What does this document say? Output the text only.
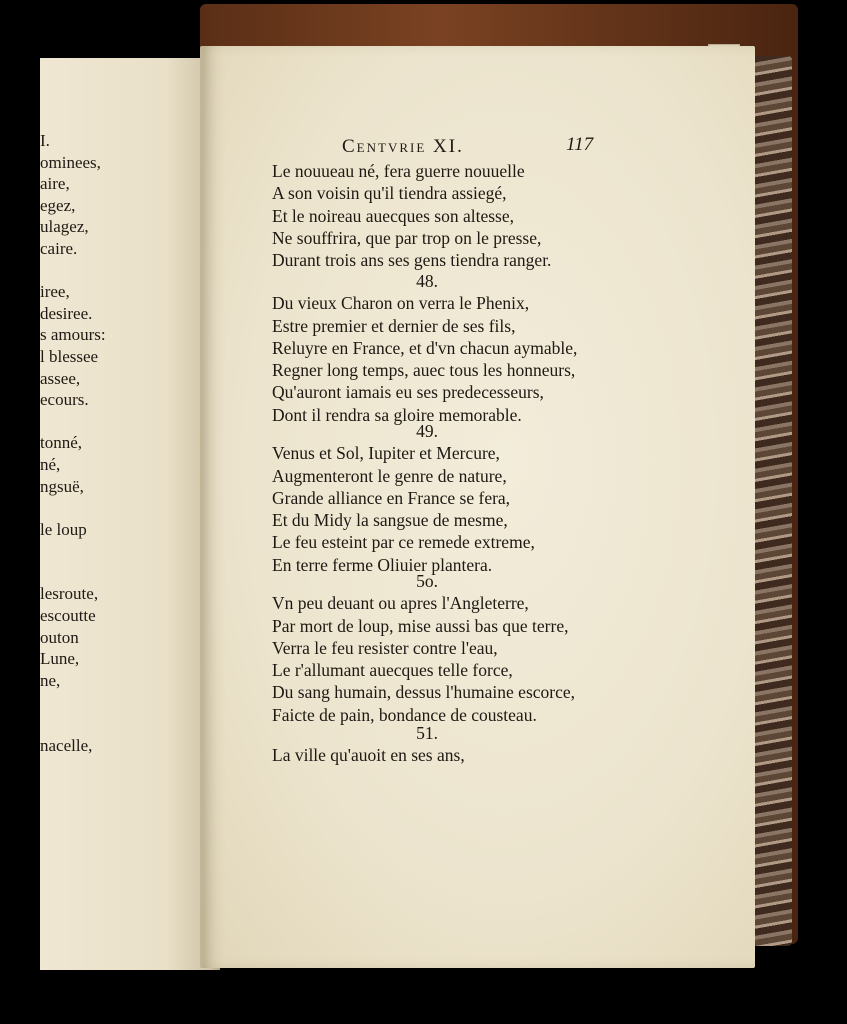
I.
ominees,
aire,
egez,
ulagez,
caire.
iree,
desiree.
s amours:
l blessee
assee,
ecours.
tonné,
né,
ngsuë,
le loup
lesroute,
escoutte
outon
Lune,
ne,
nacelle,
Centvrie XI.	117
Le nouueau né, fera guerre nouuelle
A son voisin qu'il tiendra assiegé,
Et le noireau auecques son altesse,
Ne souffrira, que par trop on le presse,
Durant trois ans ses gens tiendra ranger.
48.
Du vieux Charon on verra le Phenix,
Estre premier et dernier de ses fils,
Reluyre en France, et d'vn chacun aymable,
Regner long temps, auec tous les honneurs,
Qu'auront iamais eu ses predecesseurs,
Dont il rendra sa gloire memorable.
49.
Venus et Sol, Iupiter et Mercure,
Augmenteront le genre de nature,
Grande alliance en France se fera,
Et du Midy la sangsue de mesme,
Le feu esteint par ce remede extreme,
En terre ferme Oliuier plantera.
5o.
Vn peu deuant ou apres l'Angleterre,
Par mort de loup, mise aussi bas que terre,
Verra le feu resister contre l'eau,
Le r'allumant auecques telle force,
Du sang humain, dessus l'humaine escorce,
Faicte de pain, bondance de cousteau.
51.
La ville qu'auoit en ses ans,
